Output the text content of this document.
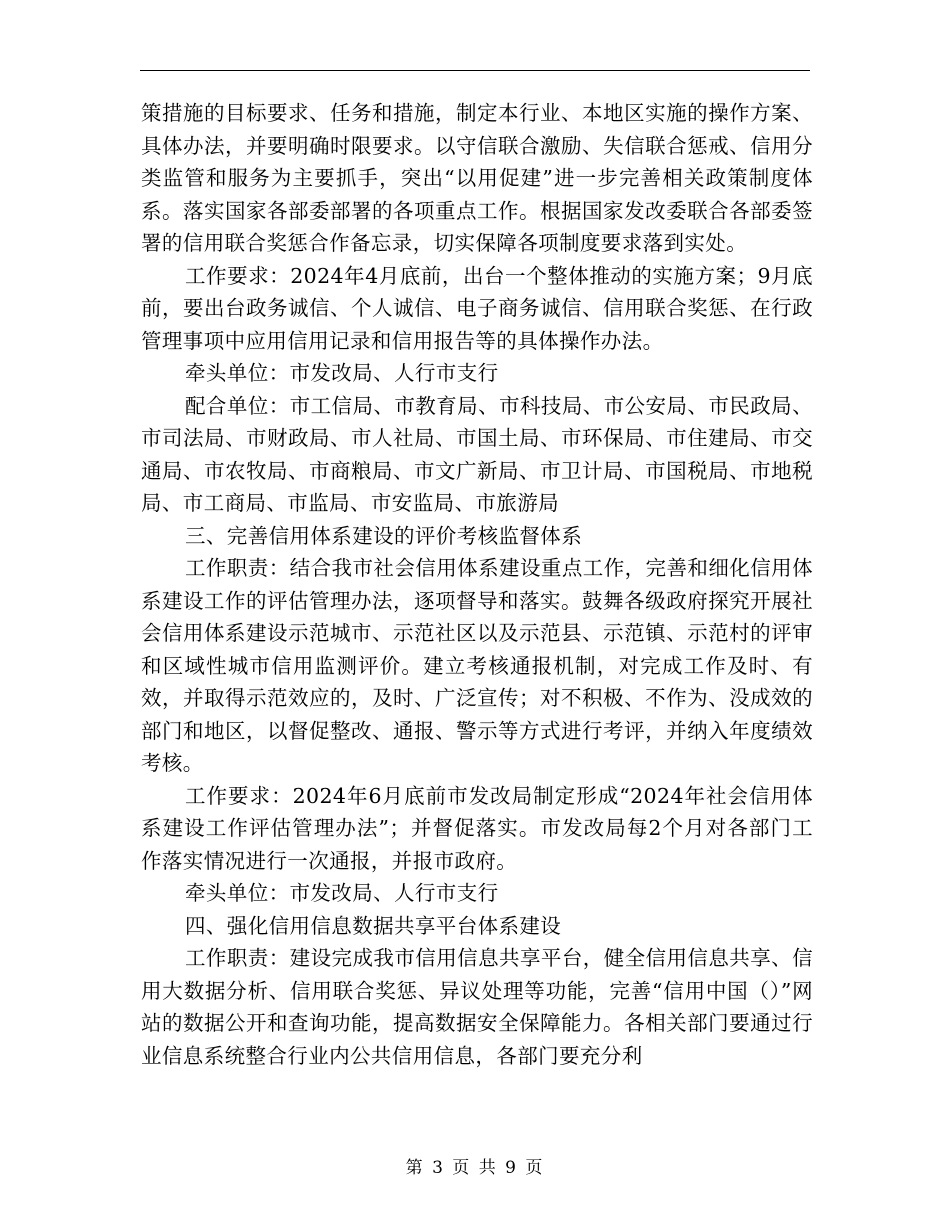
策措施的目标要求、任务和措施，制定本行业、本地区实施的操作方案、具体办法，并要明确时限要求。以守信联合激励、失信联合惩戒、信用分类监管和服务为主要抓手，突出“以用促建”进一步完善相关政策制度体系。落实国家各部委部署的各项重点工作。根据国家发改委联合各部委签署的信用联合奖惩合作备忘录，切实保障各项制度要求落到实处。

工作要求：2024年4月底前，出台一个整体推动的实施方案；9月底前，要出台政务诚信、个人诚信、电子商务诚信、信用联合奖惩、在行政管理事项中应用信用记录和信用报告等的具体操作办法。

牵头单位：市发改局、人行市支行

配合单位：市工信局、市教育局、市科技局、市公安局、市民政局、市司法局、市财政局、市人社局、市国土局、市环保局、市住建局、市交通局、市农牧局、市商粮局、市文广新局、市卫计局、市国税局、市地税局、市工商局、市监局、市安监局、市旅游局

三、完善信用体系建设的评价考核监督体系

工作职责：结合我市社会信用体系建设重点工作，完善和细化信用体系建设工作的评估管理办法，逐项督导和落实。鼓舞各级政府探究开展社会信用体系建设示范城市、示范社区以及示范县、示范镇、示范村的评审和区域性城市信用监测评价。建立考核通报机制，对完成工作及时、有效，并取得示范效应的，及时、广泛宣传；对不积极、不作为、没成效的部门和地区，以督促整改、通报、警示等方式进行考评，并纳入年度绩效考核。

工作要求：2024年6月底前市发改局制定形成“2024年社会信用体系建设工作评估管理办法”；并督促落实。市发改局每2个月对各部门工作落实情况进行一次通报，并报市政府。

牵头单位：市发改局、人行市支行

四、强化信用信息数据共享平台体系建设

工作职责：建设完成我市信用信息共享平台，健全信用信息共享、信用大数据分析、信用联合奖惩、异议处理等功能，完善“信用中国（）”网站的数据公开和查询功能，提高数据安全保障能力。各相关部门要通过行业信息系统整合行业内公共信用信息，各部门要充分利

第 3 页 共 9 页
